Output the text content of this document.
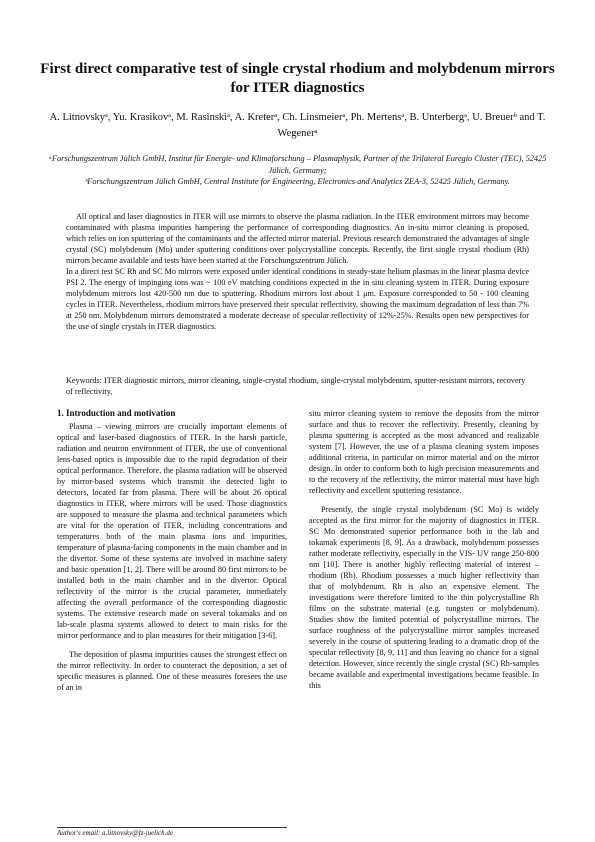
First direct comparative test of single crystal rhodium and molybdenum mirrors for ITER diagnostics
A. Litnovskyᵃ, Yu. Krasikovᵃ, M. Rasinskiᵃ, A. Kreterᵃ, Ch. Linsmeierᵃ, Ph. Mertensᵃ, B. Unterbergᵃ, U. Breuerᵇ and T. Wegenerᵃ

ᵃForschungszentrum Jülich GmbH, Institut für Energie- und Klimaforschung – Plasmaphysik, Partner of the Trilateral Euregio Cluster (TEC), 52425 Jülich, Germany;

ᵇForschungszentrum Jülich GmbH, Central Institute for Engineering, Electronics and Analytics ZEA-3, 52425 Jülich, Germany.

All optical and laser diagnostics in ITER will use mirrors to observe the plasma radiation. In the ITER environment mirrors may become contaminated with plasma impurities hampering the performance of corresponding diagnostics. An in-situ mirror cleaning is proposed, which relies on ion sputtering of the contaminants and the affected mirror material. Previous research demonstrated the advantages of single crystal (SC) molybdenum (Mo) under sputtering conditions over polycrystalline concepts. Recently, the first single crystal rhodium (Rh) mirrors became available and tests have been started at the Forschungszentrum Jülich.

In a direct test SC Rh and SC Mo mirrors were exposed under identical conditions in steady-state helium plasmas in the linear plasma device PSI 2. The energy of impinging ions was ~ 100 eV matching conditions expected in the in situ cleaning system in ITER. During exposure molybdenum mirrors lost 420-500 nm due to sputtering. Rhodium mirrors lost about 1 μm. Exposure corresponded to 50 - 100 cleaning cycles in ITER. Nevertheless, rhodium mirrors have preserved their specular reflectivity, showing the maximum degradation of less than 7% at 250 nm. Molybdenum mirrors demonstrated a moderate decrease of specular reflectivity of 12%-25%. Results open new perspectives for the use of single crystals in ITER diagnostics.

Keywords: ITER diagnostic mirrors, mirror cleaning, single-crystal rhodium, single-crystal molybdenum, sputter-resistant mirrors, recovery of reflectivity,
1. Introduction and motivation

Plasma – viewing mirrors are crucially important elements of optical and laser-based diagnostics of ITER. In the harsh particle, radiation and neutron environment of ITER, the use of conventional lens-based optics is impossible due to the rapid degradation of their optical performance. Therefore, the plasma radiation will be observed by mirror-based systems which transmit the detected light to detectors, located far from plasma. There will be about 26 optical diagnostics in ITER, where mirrors will be used. Those diagnostics are supposed to measure the plasma and technical parameters which are vital for the operation of ITER, including concentrations and temperatures both of the main plasma ions and impurities, temperature of plasma-facing components in the main chamber and in the divertor. Some of these systems are involved in machine safety and basic operation [1, 2]. There will be around 80 first mirrors to be installed both in the main chamber and in the divertor. Optical reflectivity of the mirror is the crucial parameter, immediately affecting the overall performance of the corresponding diagnostic systems. The extensive research made on several tokamaks and on lab-scale plasma systems allowed to detect to main risks for the mirror performance and to plan measures for their mitigation [3-6].

The deposition of plasma impurities causes the strongest effect on the mirror reflectivity. In order to counteract the deposition, a set of specific measures is planned. One of these measures foresees the use of an in

situ mirror cleaning system to remove the deposits from the mirror surface and thus to recover the reflectivity. Presently, cleaning by plasma sputtering is accepted as the most advanced and realizable system [7]. However, the use of a plasma cleaning system imposes additional criteria, in particular on mirror material and on the mirror design. In order to conform both to high precision measurements and to the recovery of the reflectivity, the mirror material must have high reflectivity and excellent sputtering resistance.

Presently, the single crystal molybdenum (SC Mo) is widely accepted as the first mirror for the majority of diagnostics in ITER. SC Mo demonstrated superior performance both in the lab and tokamak experiments [8, 9]. As a drawback, molybdenum possesses rather moderate reflectivity, especially in the VIS- UV range 250-800 nm [10]. There is another highly reflecting material of interest – rhodium (Rh). Rhodium possesses a much higher reflectivity than that of molybdenum. Rh is also an expensive element. The investigations were therefore limited to the thin polycrystalline Rh films on the substrate material (e.g. tungsten or molybdenum). Studies show the limited potential of polycrystalline mirrors. The surface roughness of the polycrystalline mirror samples increased severely in the course of sputtering leading to a dramatic drop of the specular reflectivity [8, 9, 11] and thus leaving no chance for a signal detection. However, since recently the single crystal (SC) Rh-samples became available and experimental investigations became feasible. In this

Author's email: a.litnovsky@fz-juelich.de
